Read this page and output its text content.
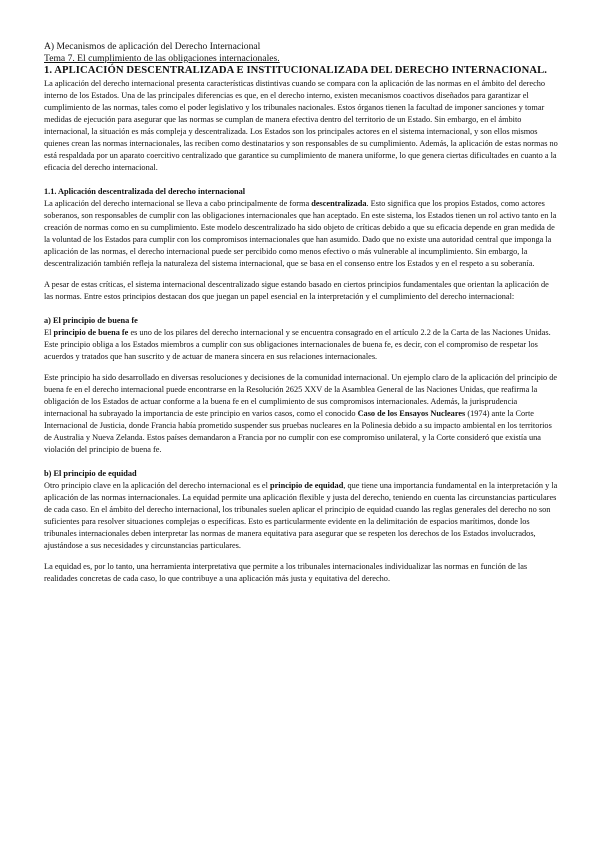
A) Mecanismos de aplicación del Derecho Internacional
Tema 7. El cumplimiento de las obligaciones internacionales.
1. APLICACIÓN DESCENTRALIZADA E INSTITUCIONALIZADA DEL DERECHO INTERNACIONAL.

La aplicación del derecho internacional presenta características distintivas cuando se compara con la aplicación de las normas en el ámbito del derecho interno de los Estados. Una de las principales diferencias es que, en el derecho interno, existen mecanismos coactivos diseñados para garantizar el cumplimiento de las normas, tales como el poder legislativo y los tribunales nacionales. Estos órganos tienen la facultad de imponer sanciones y tomar medidas de ejecución para asegurar que las normas se cumplan de manera efectiva dentro del territorio de un Estado. Sin embargo, en el ámbito internacional, la situación es más compleja y descentralizada. Los Estados son los principales actores en el sistema internacional, y son ellos mismos quienes crean las normas internacionales, las reciben como destinatarios y son responsables de su cumplimiento. Además, la aplicación de estas normas no está respaldada por un aparato coercitivo centralizado que garantice su cumplimiento de manera uniforme, lo que genera ciertas dificultades en cuanto a la eficacia del derecho internacional.

1.1. Aplicación descentralizada del derecho internacional

La aplicación del derecho internacional se lleva a cabo principalmente de forma descentralizada. Esto significa que los propios Estados, como actores soberanos, son responsables de cumplir con las obligaciones internacionales que han aceptado. En este sistema, los Estados tienen un rol activo tanto en la creación de normas como en su cumplimiento. Este modelo descentralizado ha sido objeto de críticas debido a que su eficacia depende en gran medida de la voluntad de los Estados para cumplir con los compromisos internacionales que han asumido. Dado que no existe una autoridad central que imponga la aplicación de las normas, el derecho internacional puede ser percibido como menos efectivo o más vulnerable al incumplimiento. Sin embargo, la descentralización también refleja la naturaleza del sistema internacional, que se basa en el consenso entre los Estados y en el respeto a su soberanía.

A pesar de estas críticas, el sistema internacional descentralizado sigue estando basado en ciertos principios fundamentales que orientan la aplicación de las normas. Entre estos principios destacan dos que juegan un papel esencial en la interpretación y el cumplimiento del derecho internacional:

a) El principio de buena fe

El principio de buena fe es uno de los pilares del derecho internacional y se encuentra consagrado en el artículo 2.2 de la Carta de las Naciones Unidas. Este principio obliga a los Estados miembros a cumplir con sus obligaciones internacionales de buena fe, es decir, con el compromiso de respetar los acuerdos y tratados que han suscrito y de actuar de manera sincera en sus relaciones internacionales.

Este principio ha sido desarrollado en diversas resoluciones y decisiones de la comunidad internacional. Un ejemplo claro de la aplicación del principio de buena fe en el derecho internacional puede encontrarse en la Resolución 2625 XXV de la Asamblea General de las Naciones Unidas, que reafirma la obligación de los Estados de actuar conforme a la buena fe en el cumplimiento de sus compromisos internacionales. Además, la jurisprudencia internacional ha subrayado la importancia de este principio en varios casos, como el conocido Caso de los Ensayos Nucleares (1974) ante la Corte Internacional de Justicia, donde Francia había prometido suspender sus pruebas nucleares en la Polinesia debido a su impacto ambiental en los territorios de Australia y Nueva Zelanda. Estos países demandaron a Francia por no cumplir con ese compromiso unilateral, y la Corte consideró que existía una violación del principio de buena fe.

b) El principio de equidad

Otro principio clave en la aplicación del derecho internacional es el principio de equidad, que tiene una importancia fundamental en la interpretación y la aplicación de las normas internacionales. La equidad permite una aplicación flexible y justa del derecho, teniendo en cuenta las circunstancias particulares de cada caso. En el ámbito del derecho internacional, los tribunales suelen aplicar el principio de equidad cuando las reglas generales del derecho no son suficientes para resolver situaciones complejas o específicas. Esto es particularmente evidente en la delimitación de espacios marítimos, donde los tribunales internacionales deben interpretar las normas de manera equitativa para asegurar que se respeten los derechos de los Estados involucrados, ajustándose a sus necesidades y circunstancias particulares.

La equidad es, por lo tanto, una herramienta interpretativa que permite a los tribunales internacionales individualizar las normas en función de las realidades concretas de cada caso, lo que contribuye a una aplicación más justa y equitativa del derecho.
